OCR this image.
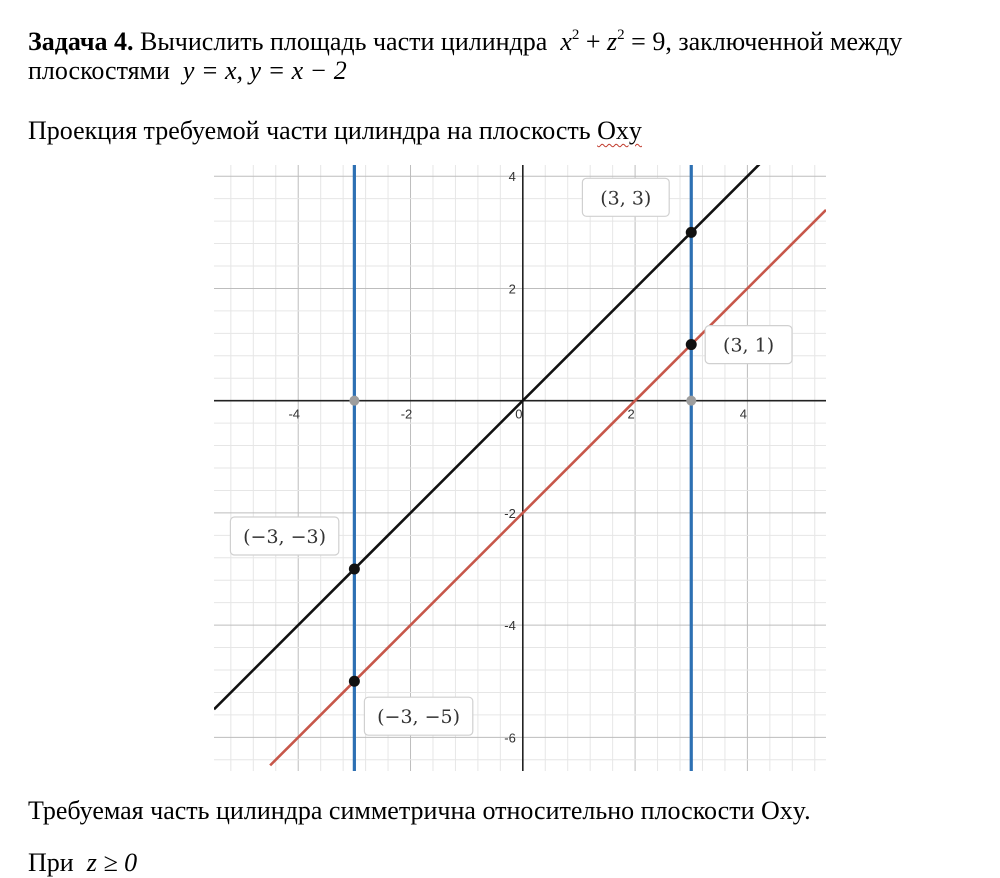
Задача 4. Вычислить площадь части цилиндра $x^2 + z^2 = 9$, заключенной между
плоскостями y = x, y = x − 2
Проекция требуемой части цилиндра на плоскость Oxy
-4	-2	0	2	4
4
2
-2
-4
-6
(3, 3)
(3, 1)
(−3, −3)
(−3, −5)
Требуемая часть цилиндра симметрична относительно плоскости Oxy.
При z ≥ 0
